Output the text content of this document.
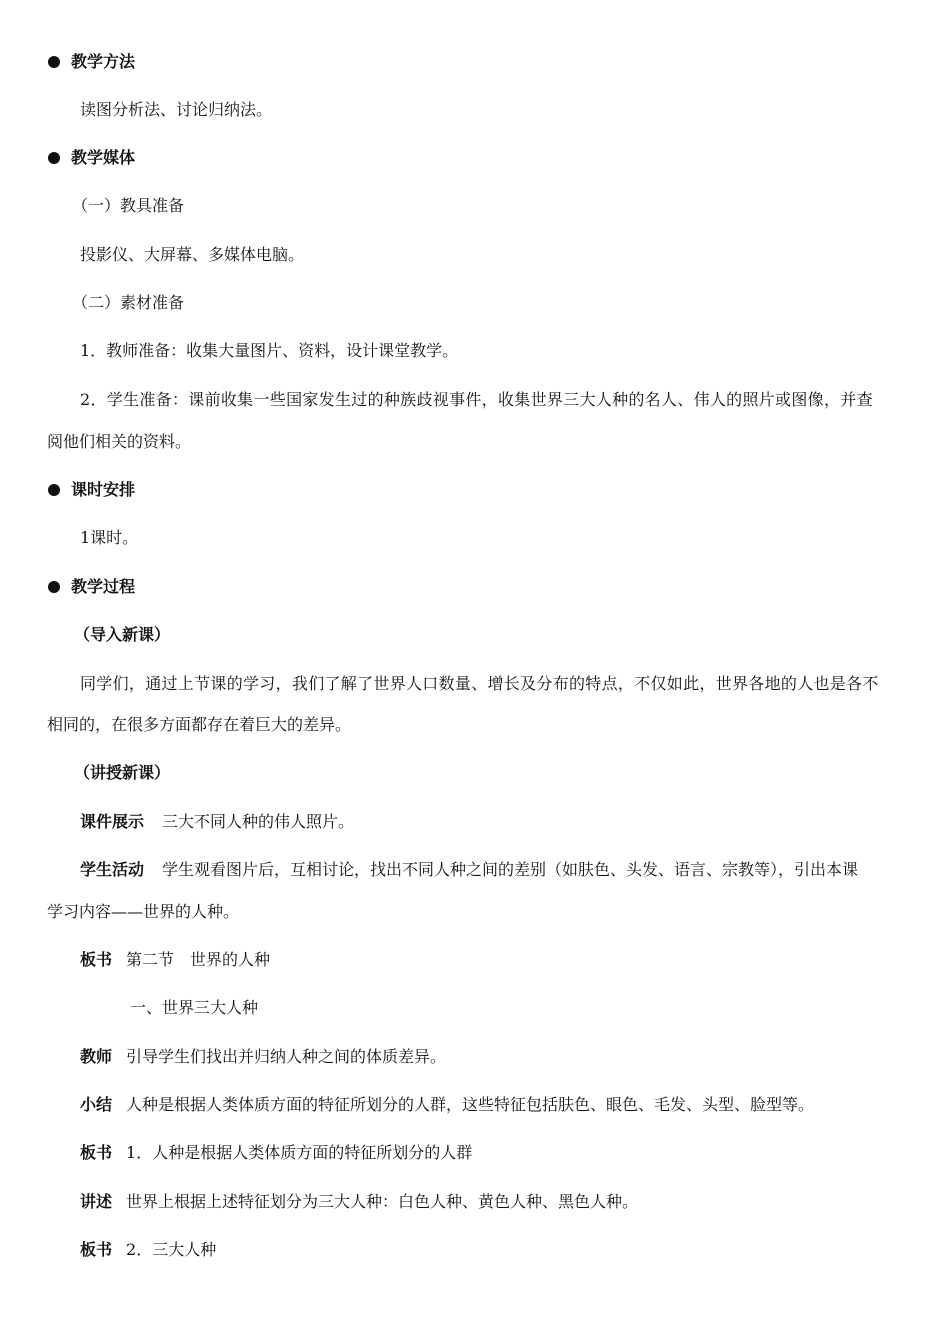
教学方法
读图分析法、讨论归纳法。
教学媒体
（一）教具准备
投影仪、大屏幕、多媒体电脑。
（二）素材准备
1．教师准备：收集大量图片、资料，设计课堂教学。
2．学生准备：课前收集一些国家发生过的种族歧视事件，收集世界三大人种的名人、伟人的照片或图像，并查
阅他们相关的资料。
课时安排
1课时。
教学过程
（导入新课）
同学们，通过上节课的学习，我们了解了世界人口数量、增长及分布的特点，不仅如此，世界各地的人也是各不
相同的，在很多方面都存在着巨大的差异。
（讲授新课）
课件展示 三大不同人种的伟人照片。
学生活动 学生观看图片后，互相讨论，找出不同人种之间的差别（如肤色、头发、语言、宗教等），引出本课
学习内容——世界的人种。
板书 第二节　世界的人种
一、世界三大人种
教师 引导学生们找出并归纳人种之间的体质差异。
小结 人种是根据人类体质方面的特征所划分的人群，这些特征包括肤色、眼色、毛发、头型、脸型等。
板书 1．人种是根据人类体质方面的特征所划分的人群
讲述 世界上根据上述特征划分为三大人种：白色人种、黄色人种、黑色人种。
板书 2．三大人种
